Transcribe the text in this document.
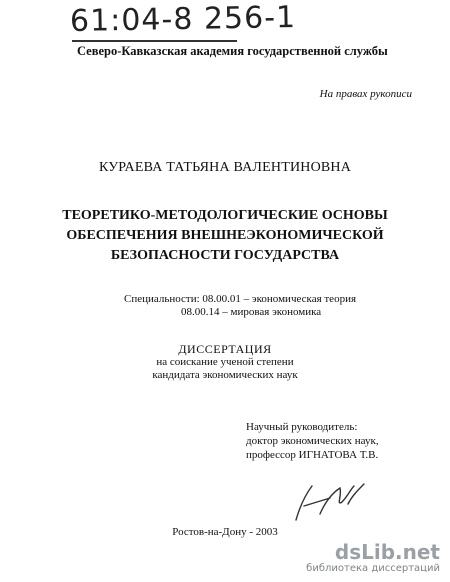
61:04-8 256-1
Северо-Кавказская академия государственной службы
На правах рукописи
КУРАЕВА ТАТЬЯНА ВАЛЕНТИНОВНА
ТЕОРЕТИКО-МЕТОДОЛОГИЧЕСКИЕ ОСНОВЫ
ОБЕСПЕЧЕНИЯ ВНЕШНЕЭКОНОМИЧЕСКОЙ
БЕЗОПАСНОСТИ ГОСУДАРСТВА
Специальности: 08.00.01 – экономическая теория
08.00.14 – мировая экономика
ДИССЕРТАЦИЯ
на соискание ученой степени
кандидата экономических наук
Научный руководитель:
доктор экономических наук,
профессор ИГНАТОВА Т.В.
Ростов-на-Дону - 2003
dsLib.net
библиотека диссертаций
